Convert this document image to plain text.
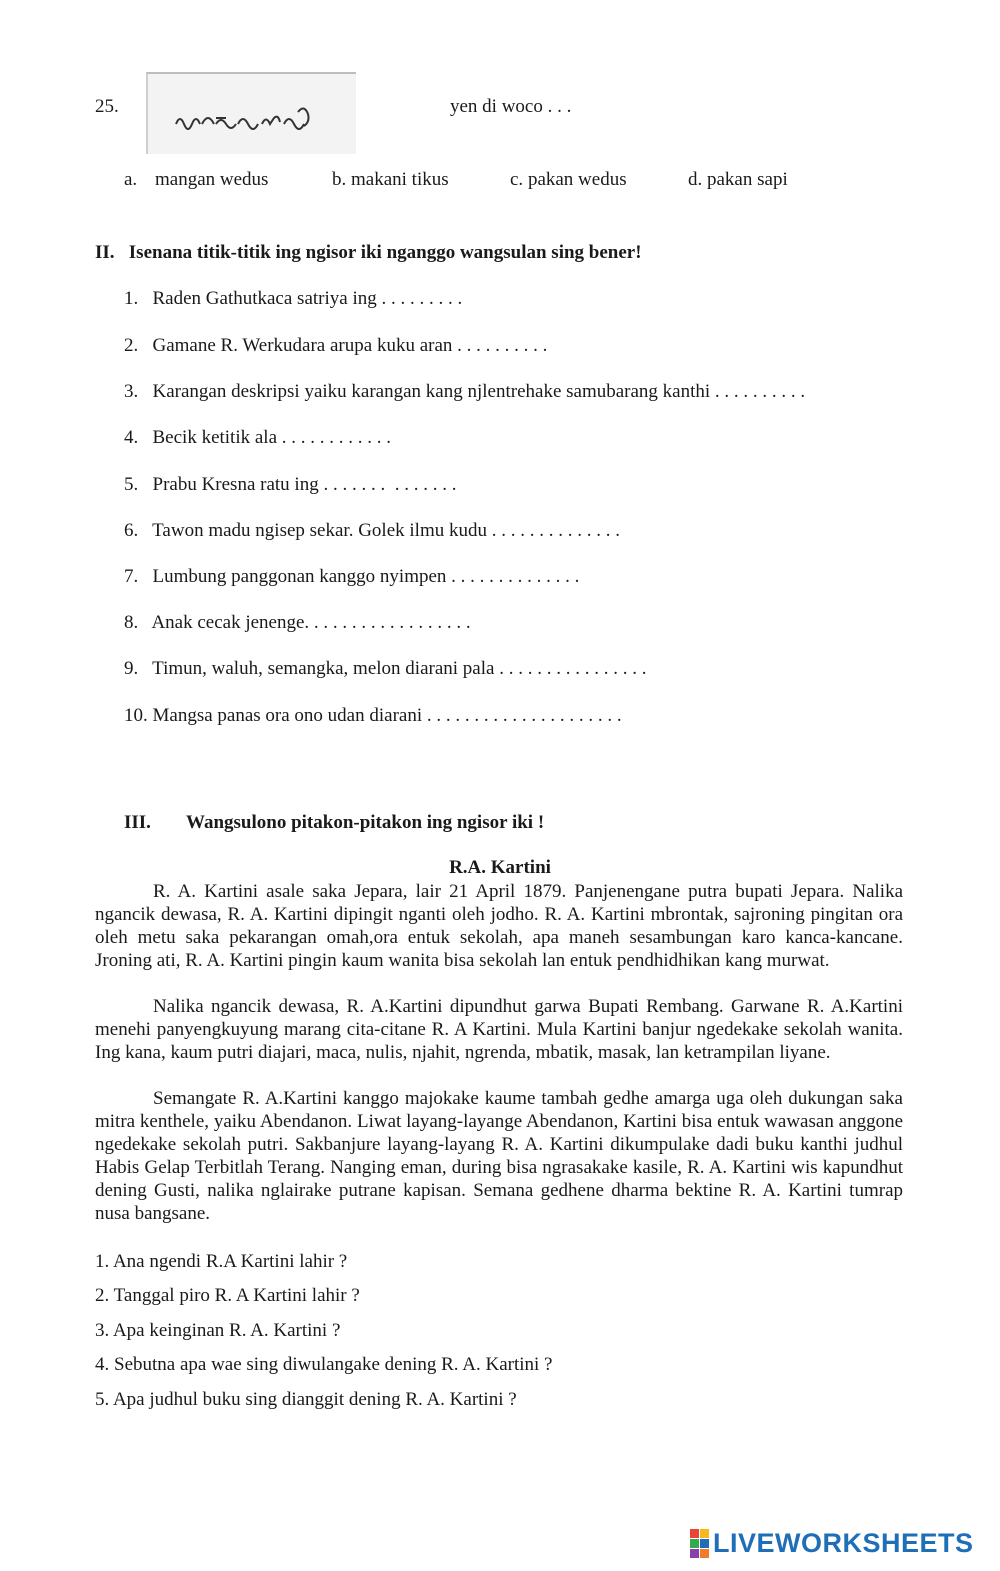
25.	yen di woco . . .
a. mangan wedus	b. makani tikus	c. pakan wedus	d. pakan sapi
II.   Isenana titik-titik ing ngisor iki nganggo wangsulan sing bener!
1.   Raden Gathutkaca satriya ing . . . . . . . . .
2.   Gamane R. Werkudara arupa kuku aran . . . . . . . . . .
3.   Karangan deskripsi yaiku karangan kang njlentrehake samubarang kanthi . . . . . . . . . .
4.   Becik ketitik ala . . . . . . . . . . . .
5.   Prabu Kresna ratu ing . . . . . . .  . . . . . . .
6.   Tawon madu ngisep sekar. Golek ilmu kudu . . . . . . . . . . . . . .
7.   Lumbung panggonan kanggo nyimpen . . . . . . . . . . . . . .
8.   Anak cecak jenenge. . . . . . . . . . . . . . . . . .
9.   Timun, waluh, semangka, melon diarani pala . . . . . . . . . . . . . . . .
10. Mangsa panas ora ono udan diarani . . . . . . . . . . . . . . . . . . . . .
III. Wangsulono pitakon-pitakon ing ngisor iki !
R.A. Kartini
R. A. Kartini asale saka Jepara, lair 21 April 1879. Panjenengane putra bupati Jepara. Nalika ngancik dewasa, R. A. Kartini dipingit nganti oleh jodho. R. A. Kartini mbrontak, sajroning pingitan ora oleh metu saka pekarangan omah,ora entuk sekolah, apa maneh sesambungan karo kanca-kancane. Jroning ati, R. A. Kartini pingin kaum wanita bisa sekolah lan entuk pendhidhikan kang murwat.
Nalika ngancik dewasa, R. A.Kartini dipundhut garwa Bupati Rembang. Garwane R. A.Kartini menehi panyengkuyung marang cita-citane R. A Kartini. Mula Kartini banjur ngedekake sekolah wanita. Ing kana, kaum putri diajari, maca, nulis, njahit, ngrenda, mbatik, masak, lan ketrampilan liyane.
Semangate R. A.Kartini kanggo majokake kaume tambah gedhe amarga uga oleh dukungan saka mitra kenthele, yaiku Abendanon. Liwat layang-layange Abendanon, Kartini bisa entuk wawasan anggone ngedekake sekolah putri. Sakbanjure layang-layang R. A. Kartini dikumpulake dadi buku kanthi judhul Habis Gelap Terbitlah Terang. Nanging eman, during bisa ngrasakake kasile, R. A. Kartini wis kapundhut dening Gusti, nalika nglairake putrane kapisan. Semana gedhene dharma bektine R. A. Kartini tumrap nusa bangsane.
1. Ana ngendi R.A Kartini lahir ?
2. Tanggal piro R. A Kartini lahir ?
3. Apa keinginan R. A. Kartini ?
4. Sebutna apa wae sing diwulangake dening R. A. Kartini ?
5. Apa judhul buku sing dianggit dening R. A. Kartini ?
LIVEWORKSHEETS
